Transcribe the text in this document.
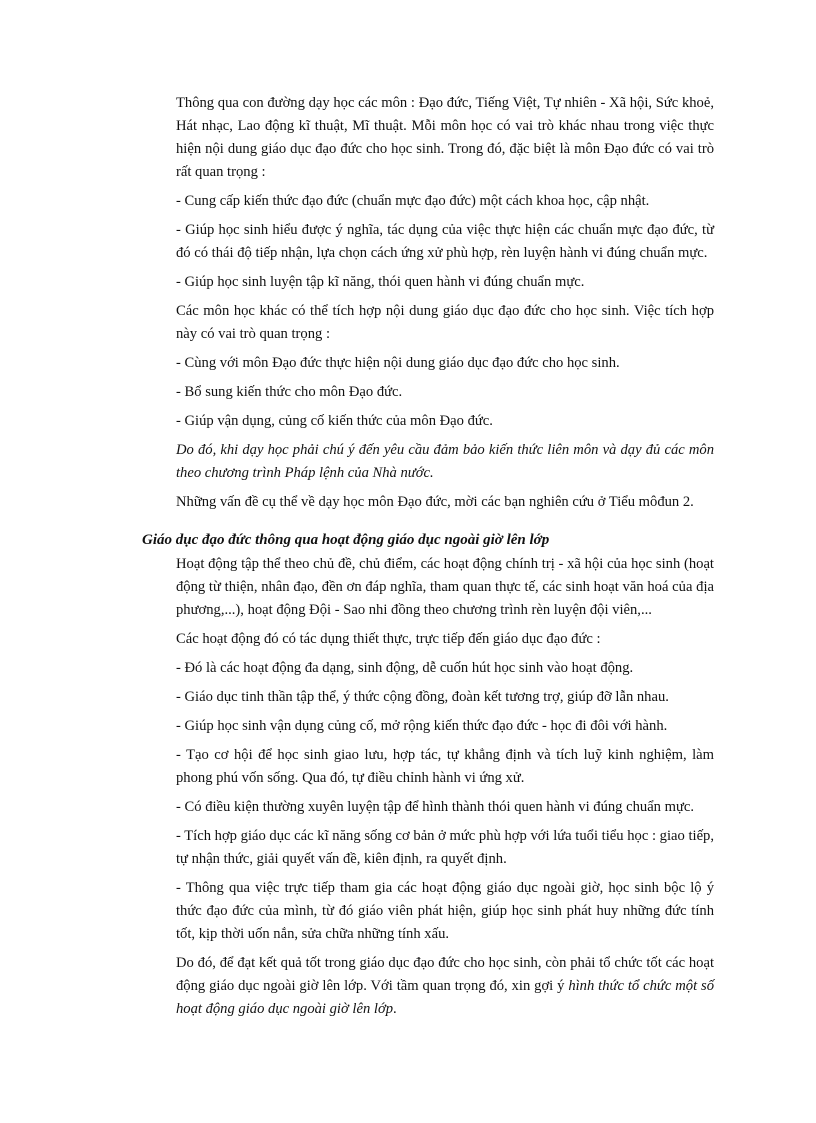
Thông qua con đường dạy học các môn : Đạo đức, Tiếng Việt, Tự nhiên - Xã hội, Sức khoẻ, Hát nhạc, Lao động kĩ thuật, Mĩ thuật. Mỗi môn học có vai trò khác nhau trong việc thực hiện nội dung giáo dục đạo đức cho học sinh. Trong đó, đặc biệt là môn Đạo đức có vai trò rất quan trọng :

- Cung cấp kiến thức đạo đức (chuẩn mực đạo đức) một cách khoa học, cập nhật.

- Giúp học sinh hiểu được ý nghĩa, tác dụng của việc thực hiện các chuẩn mực đạo đức, từ đó có thái độ tiếp nhận, lựa chọn cách ứng xử phù hợp, rèn luyện hành vi đúng chuẩn mực.

- Giúp học sinh luyện tập kĩ năng, thói quen hành vi đúng chuẩn mực.

Các môn học khác có thể tích hợp nội dung giáo dục đạo đức cho học sinh. Việc tích hợp này có vai trò quan trọng :

- Cùng với môn Đạo đức thực hiện nội dung giáo dục đạo đức cho học sinh.

- Bổ sung kiến thức cho môn Đạo đức.

- Giúp vận dụng, củng cố kiến thức của môn Đạo đức.

Do đó, khi dạy học phải chú ý đến yêu cầu đảm bảo kiến thức liên môn và dạy đủ các môn theo chương trình Pháp lệnh của Nhà nước.

Những vấn đề cụ thể về dạy học môn Đạo đức, mời các bạn nghiên cứu ở Tiểu môđun 2.

Giáo dục đạo đức thông qua hoạt động giáo dục ngoài giờ lên lớp

Hoạt động tập thể theo chủ đề, chủ điểm, các hoạt động chính trị - xã hội của học sinh (hoạt động từ thiện, nhân đạo, đền ơn đáp nghĩa, tham quan thực tế, các sinh hoạt văn hoá của địa phương,...), hoạt động Đội - Sao nhi đồng theo chương trình rèn luyện đội viên,...

Các hoạt động đó có tác dụng thiết thực, trực tiếp đến giáo dục đạo đức :

- Đó là các hoạt động đa dạng, sinh động, dễ cuốn hút học sinh vào hoạt động.

- Giáo dục tinh thần tập thể, ý thức cộng đồng, đoàn kết tương trợ, giúp đỡ lẫn nhau.

- Giúp học sinh vận dụng củng cố, mở rộng kiến thức đạo đức - học đi đôi với hành.

- Tạo cơ hội để học sinh giao lưu, hợp tác, tự khẳng định và tích luỹ kinh nghiệm, làm phong phú vốn sống. Qua đó, tự điều chỉnh hành vi ứng xử.

- Có điều kiện thường xuyên luyện tập để hình thành thói quen hành vi đúng chuẩn mực.

- Tích hợp giáo dục các kĩ năng sống cơ bản ở mức phù hợp với lứa tuổi tiểu học : giao tiếp, tự nhận thức, giải quyết vấn đề, kiên định, ra quyết định.

- Thông qua việc trực tiếp tham gia các hoạt động giáo dục ngoài giờ, học sinh bộc lộ ý thức đạo đức của mình, từ đó giáo viên phát hiện, giúp học sinh phát huy những đức tính tốt, kịp thời uốn nắn, sửa chữa những tính xấu.

Do đó, để đạt kết quả tốt trong giáo dục đạo đức cho học sinh, còn phải tổ chức tốt các hoạt động giáo dục ngoài giờ lên lớp. Với tầm quan trọng đó, xin gợi ý hình thức tổ chức một số hoạt động giáo dục ngoài giờ lên lớp.
